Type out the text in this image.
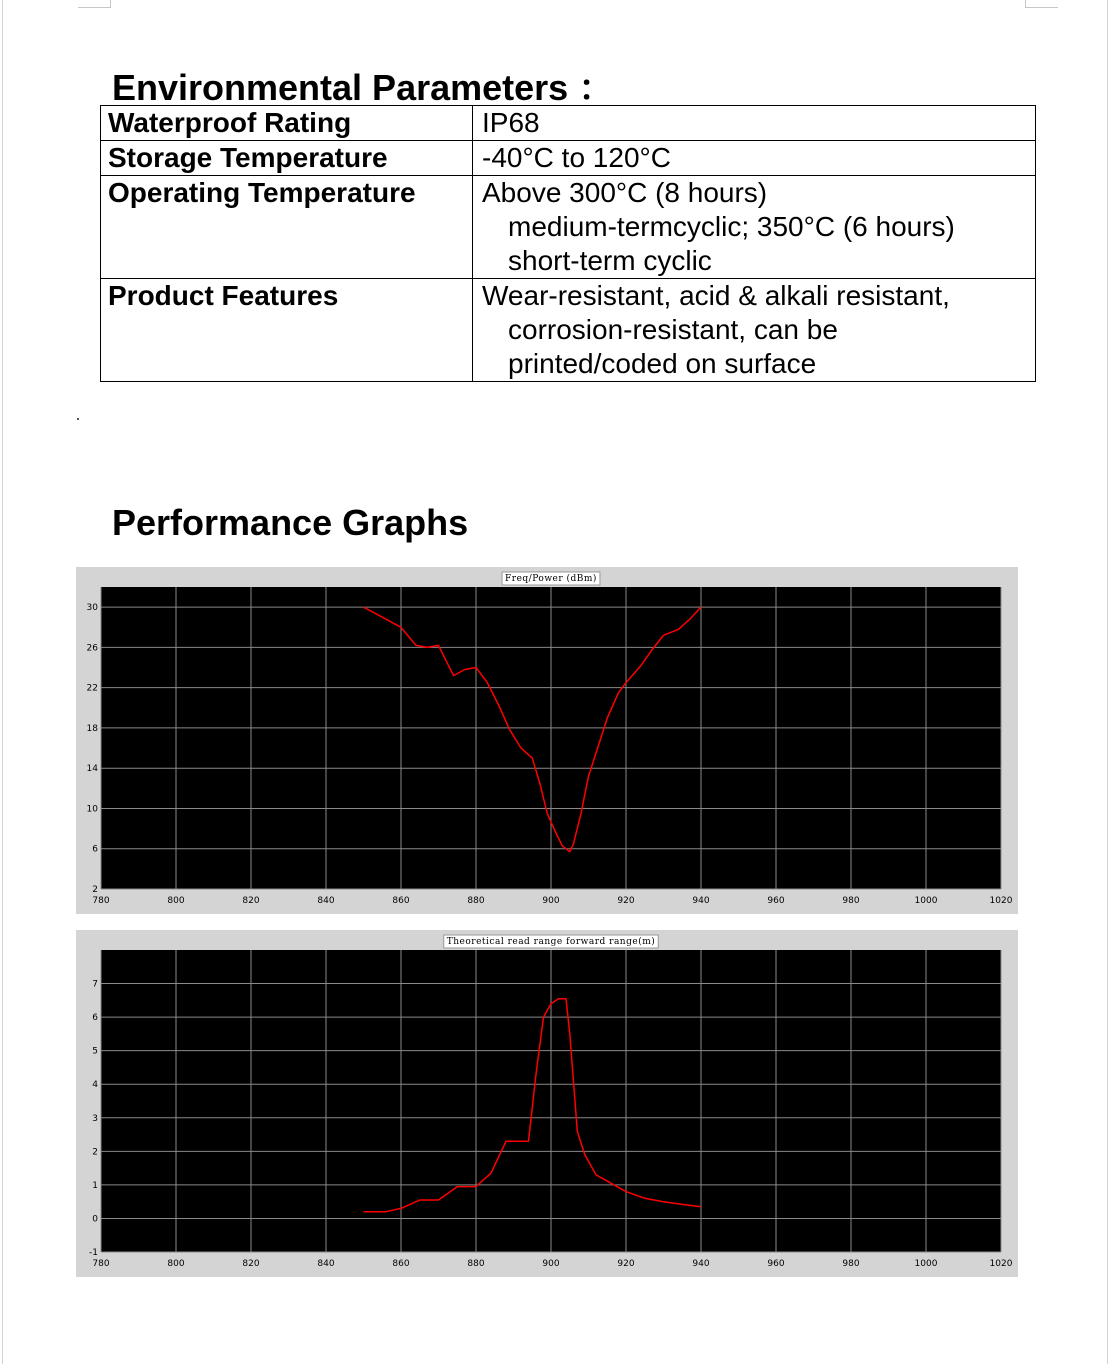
Environmental Parameters ：
Waterproof Rating	IP68
Storage Temperature	-40°C to 120°C
Operating Temperature	Above 300°C (8 hours)
medium-termcyclic; 350°C (6 hours)
short-term cyclic

Product Features	Wear-resistant, acid & alkali resistant,
corrosion-resistant, can be
printed/coded on surface
Performance Graphs
780	800	820	840	860	880	900	920	940	960	980	1000	1020
2
6
10
14
18
22
26
30
Freq/Power (dBm)
780	800	820	840	860	880	900	920	940	960	980	1000	1020
-1
0
1
2
3
4
5
6
7
Theoretical read range forward range(m)
